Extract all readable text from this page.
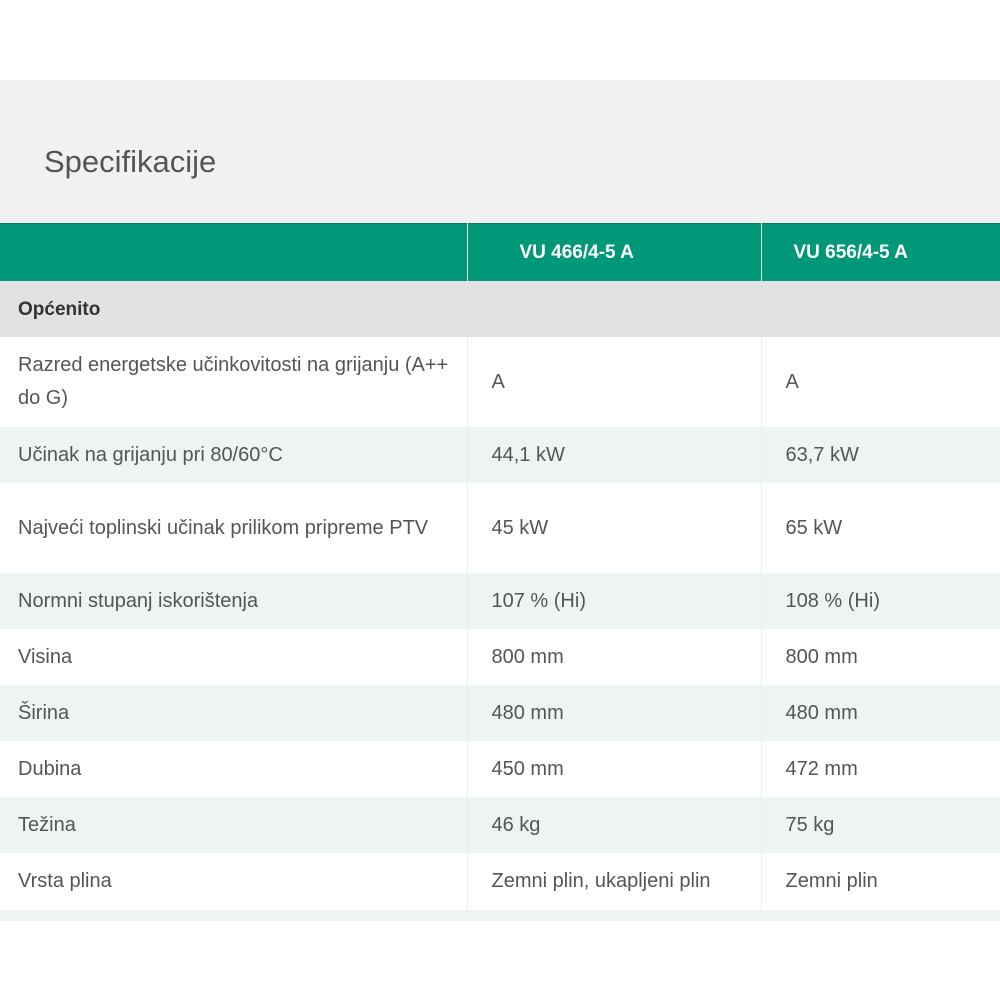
Specifikacije
	VU 466/4-5 A	VU 656/4-5 A
Općenito		
Razred energetske učinkovitosti na grijanju (A++ do G)	A	A
Učinak na grijanju pri 80/60°C	44,1 kW	63,7 kW
Najveći toplinski učinak prilikom pripreme PTV	45 kW	65 kW
Normni stupanj iskorištenja	107 % (Hi)	108 % (Hi)
Visina	800 mm	800 mm
Širina	480 mm	480 mm
Dubina	450 mm	472 mm
Težina	46 kg	75 kg
Vrsta plina	Zemni plin, ukapljeni plin	Zemni plin
